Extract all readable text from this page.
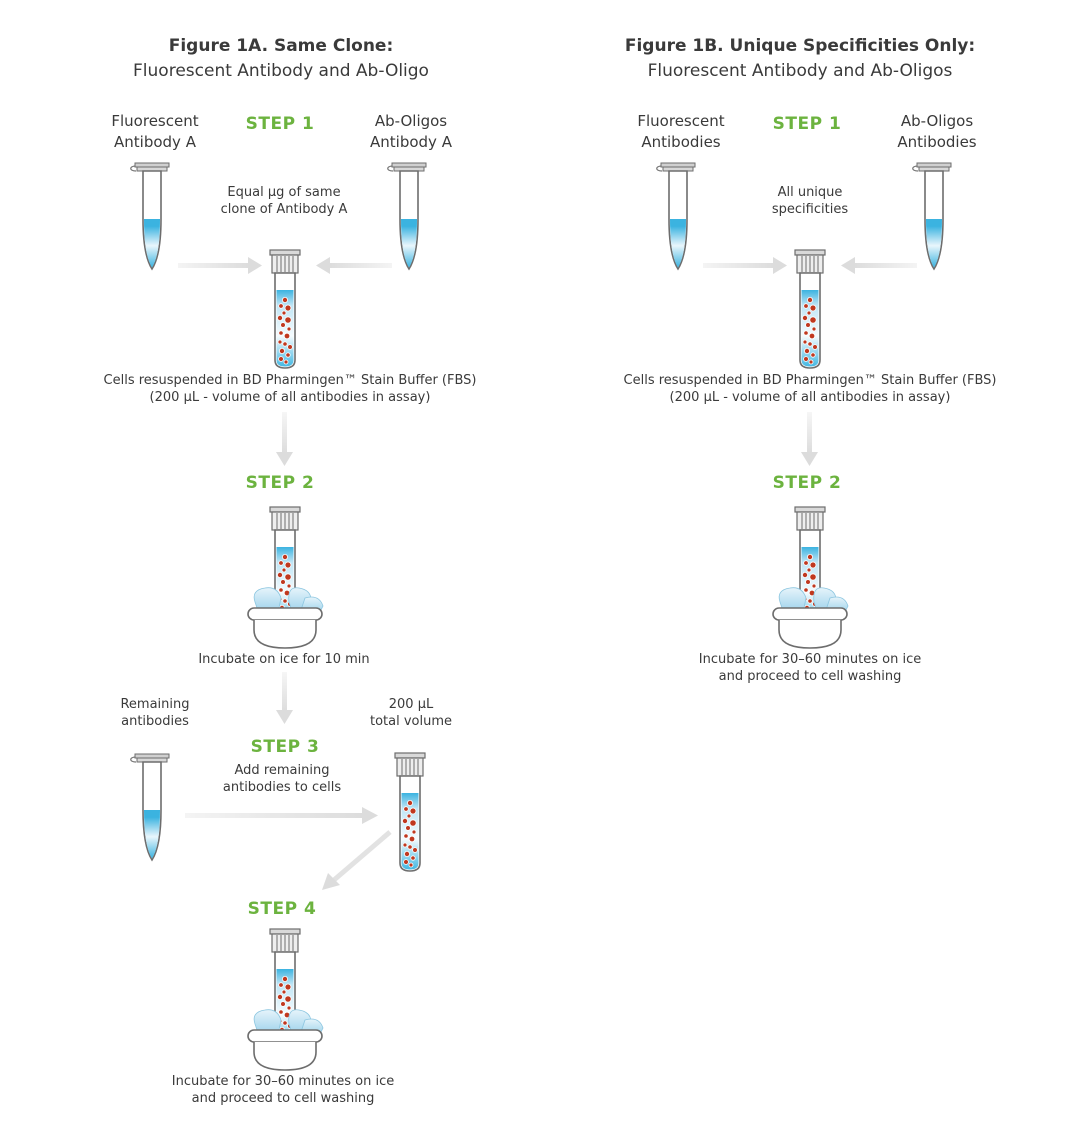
Figure 1A. Same Clone:
Fluorescent Antibody and Ab-Oligo
Fluorescent
Antibody A
STEP 1	Ab-Oligos
Antibody A
Equal µg of same
clone of Antibody A
Cells resuspended in BD Pharmingen™ Stain Buffer (FBS)
(200 µL - volume of all antibodies in assay)
STEP 2
Incubate on ice for 10 min
Remaining
antibodies
200 µL
total volume
STEP 3
Add remaining
antibodies to cells
STEP 4
Incubate for 30–60 minutes on ice
and proceed to cell washing
Figure 1B. Unique Specificities Only:
Fluorescent Antibody and Ab-Oligos
Fluorescent
Antibodies
STEP 1	Ab-Oligos
Antibodies
All unique
specificities
Cells resuspended in BD Pharmingen™ Stain Buffer (FBS)
(200 µL - volume of all antibodies in assay)
STEP 2
Incubate for 30–60 minutes on ice
and proceed to cell washing
